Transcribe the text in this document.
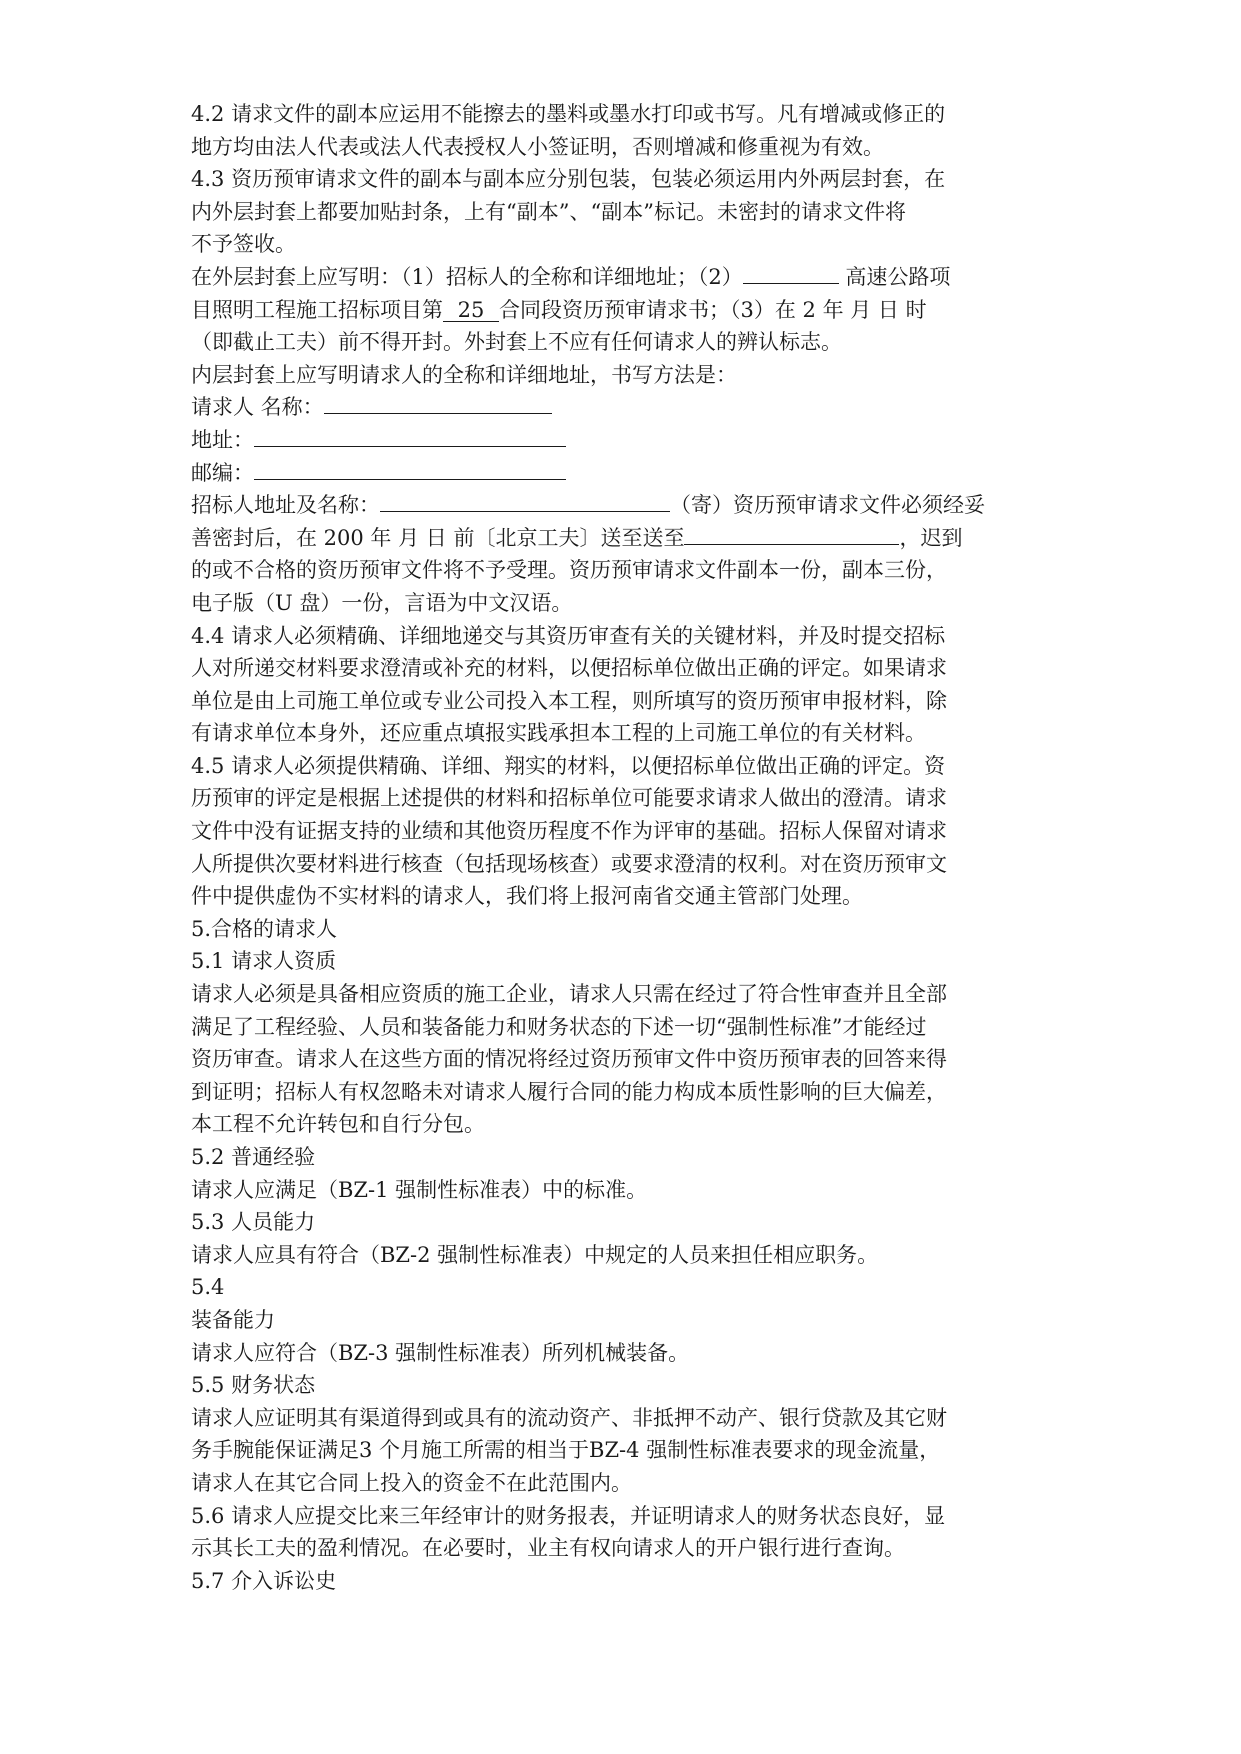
4.2 请求文件的副本应运用不能擦去的墨料或墨水打印或书写。凡有增减或修正的
地方均由法人代表或法人代表授权人小签证明，否则增减和修重视为有效。
4.3 资历预审请求文件的副本与副本应分别包装，包装必须运用内外两层封套，在
内外层封套上都要加贴封条，上有“副本”、“副本”标记。未密封的请求文件将
不予签收。
在外层封套上应写明：（1）招标人的全称和详细地址；（2）	高速公路项
目照明工程施工招标项目第 25 合同段资历预审请求书；（3）在 2 年 月 日 时
（即截止工夫）前不得开封。外封套上不应有任何请求人的辨认标志。
内层封套上应写明请求人的全称和详细地址，书写方法是：
请求人 名称：
地址：
邮编：
招标人地址及名称：	（寄）资历预审请求文件必须经妥
善密封后，在 200 年 月 日 前〔北京工夫〕送至送至	，迟到
的或不合格的资历预审文件将不予受理。资历预审请求文件副本一份，副本三份，
电子版（U 盘）一份，言语为中文汉语。
4.4 请求人必须精确、详细地递交与其资历审查有关的关键材料，并及时提交招标
人对所递交材料要求澄清或补充的材料，以便招标单位做出正确的评定。如果请求
单位是由上司施工单位或专业公司投入本工程，则所填写的资历预审申报材料，除
有请求单位本身外，还应重点填报实践承担本工程的上司施工单位的有关材料。
4.5 请求人必须提供精确、详细、翔实的材料，以便招标单位做出正确的评定。资
历预审的评定是根据上述提供的材料和招标单位可能要求请求人做出的澄清。请求
文件中没有证据支持的业绩和其他资历程度不作为评审的基础。招标人保留对请求
人所提供次要材料进行核查（包括现场核查）或要求澄清的权利。对在资历预审文
件中提供虚伪不实材料的请求人，我们将上报河南省交通主管部门处理。
5.合格的请求人
5.1 请求人资质
请求人必须是具备相应资质的施工企业，请求人只需在经过了符合性审查并且全部
满足了工程经验、人员和装备能力和财务状态的下述一切“强制性标准”才能经过
资历审查。请求人在这些方面的情况将经过资历预审文件中资历预审表的回答来得
到证明；招标人有权忽略未对请求人履行合同的能力构成本质性影响的巨大偏差，
本工程不允许转包和自行分包。
5.2 普通经验
请求人应满足（BZ-1 强制性标准表）中的标准。
5.3 人员能力
请求人应具有符合（BZ-2 强制性标准表）中规定的人员来担任相应职务。
5.4
装备能力
请求人应符合（BZ-3 强制性标准表）所列机械装备。
5.5 财务状态
请求人应证明其有渠道得到或具有的流动资产、非抵押不动产、银行贷款及其它财
务手腕能保证满足3 个月施工所需的相当于BZ-4 强制性标准表要求的现金流量，
请求人在其它合同上投入的资金不在此范围内。
5.6 请求人应提交比来三年经审计的财务报表，并证明请求人的财务状态良好，显
示其长工夫的盈利情况。在必要时，业主有权向请求人的开户银行进行查询。
5.7 介入诉讼史
